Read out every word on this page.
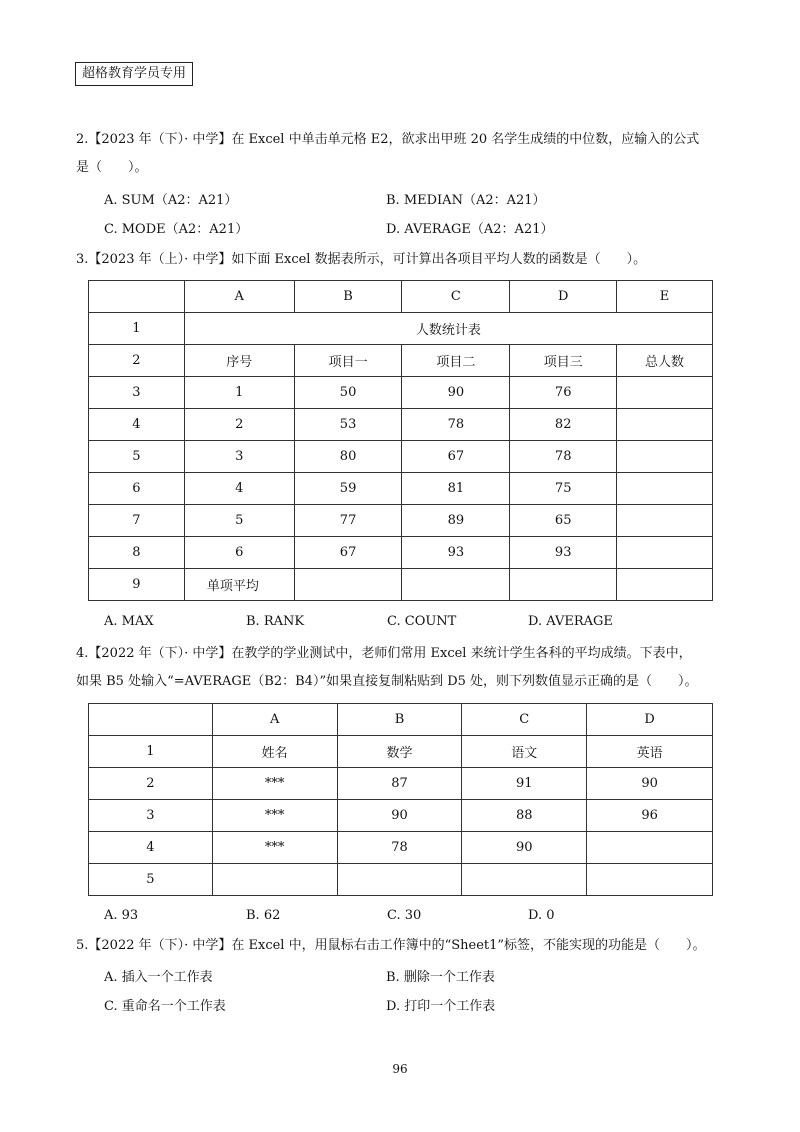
超格教育学员专用
2.【2023 年（下）· 中学】在 Excel 中单击单元格 E2，欲求出甲班 20 名学生成绩的中位数，应输入的公式
是（　　）。
A. SUM（A2：A21）	B. MEDIAN（A2：A21）
C. MODE（A2：A21）	D. AVERAGE（A2：A21）
3.【2023 年（上）· 中学】如下面 Excel 数据表所示，可计算出各项目平均人数的函数是（　　）。
	A	B	C	D	E
1	人数统计表				
2	序号	项目一	项目二	项目三	总人数
3	1	50	90	76	
4	2	53	78	82	
5	3	80	67	78	
6	4	59	81	75	
7	5	77	89	65	
8	6	67	93	93	
9	单项平均				
A. MAX	B. RANK	C. COUNT	D. AVERAGE
4.【2022 年（下）· 中学】在教学的学业测试中，老师们常用 Excel 来统计学生各科的平均成绩。下表中，
如果 B5 处输入“=AVERAGE（B2：B4）”如果直接复制粘贴到 D5 处，则下列数值显示正确的是（　　）。
	A	B	C	D
1	姓名	数学	语文	英语
2	***	87	91	90
3	***	90	88	96
4	***	78	90	
5				
A. 93	B. 62	C. 30	D. 0
5.【2022 年（下）· 中学】在 Excel 中，用鼠标右击工作簿中的“Sheet1”标签，不能实现的功能是（　　）。
A. 插入一个工作表	B. 删除一个工作表
C. 重命名一个工作表	D. 打印一个工作表
96
